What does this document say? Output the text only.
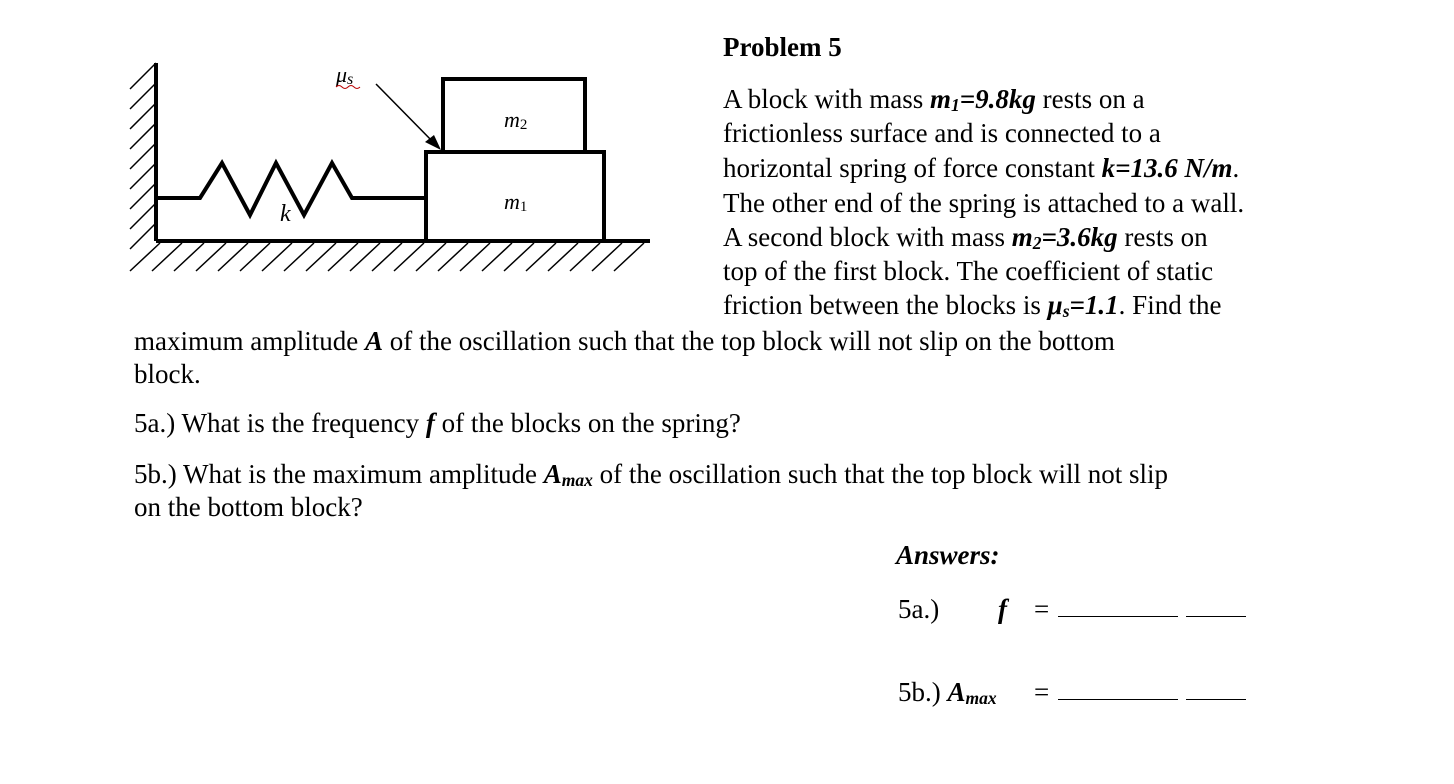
m2
m1
k
μs
Problem 5
A block with mass $m_1=9.8kg$ rests on a
frictionless surface and is connected to a
horizontal spring of force constant k=13.6 N/m.
The other end of the spring is attached to a wall.
A second block with mass $m_2=3.6kg$ rests on
top of the first block. The coefficient of static
friction between the blocks is $\mu_s=1.1$. Find the
maximum amplitude A of the oscillation such that the top block will not slip on the bottom
block.
5a.) What is the frequency f of the blocks on the spring?
5b.) What is the maximum amplitude $A_{max}$ of the oscillation such that the top block will not slip
on the bottom block?
Answers:
5a.) f =
5b.) $A_{max}$ =
